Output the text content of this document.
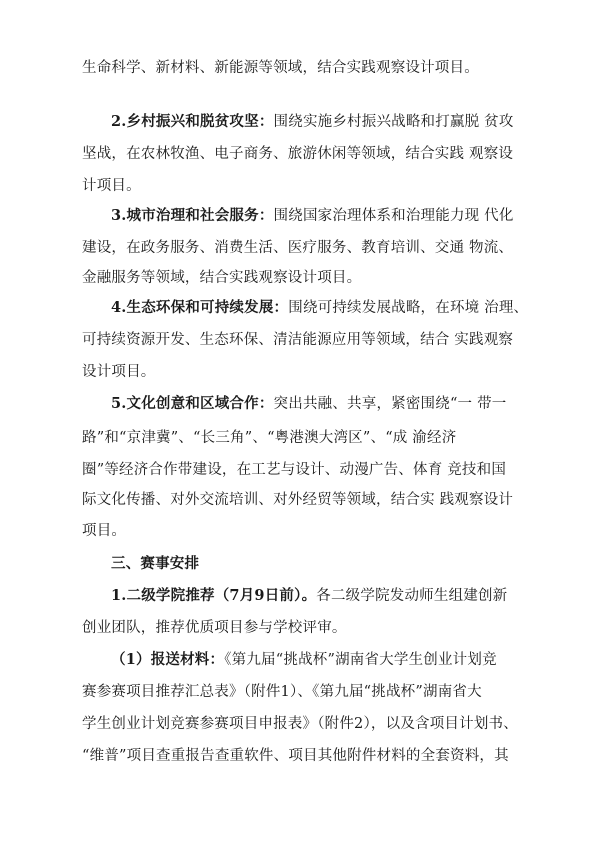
生命科学、新材料、新能源等领域，结合实践观察设计项目。
2.乡村振兴和脱贫攻坚：围绕实施乡村振兴战略和打赢脱 贫攻
坚战，在农林牧渔、电子商务、旅游休闲等领域，结合实践 观察设
计项目。
3.城市治理和社会服务：围绕国家治理体系和治理能力现 代化
建设，在政务服务、消费生活、医疗服务、教育培训、交通 物流、
金融服务等领域，结合实践观察设计项目。
4.生态环保和可持续发展：围绕可持续发展战略，在环境 治理、
可持续资源开发、生态环保、清洁能源应用等领域，结合 实践观察
设计项目。
5.文化创意和区域合作：突出共融、共享，紧密围绕“一 带一
路”和“京津冀”、“长三角”、“粤港澳大湾区”、“成 渝经济
圈”等经济合作带建设，在工艺与设计、动漫广告、体育 竞技和国
际文化传播、对外交流培训、对外经贸等领域，结合实 践观察设计
项目。
三、赛事安排
1.二级学院推荐（7月9日前）。各二级学院发动师生组建创新
创业团队，推荐优质项目参与学校评审。
（1）报送材料：《第九届“挑战杯”湖南省大学生创业计划竞
赛参赛项目推荐汇总表》（附件1）、《第九届“挑战杯”湖南省大
学生创业计划竞赛参赛项目申报表》（附件2），以及含项目计划书、
“维普”项目查重报告查重软件、项目其他附件材料的全套资料，其
